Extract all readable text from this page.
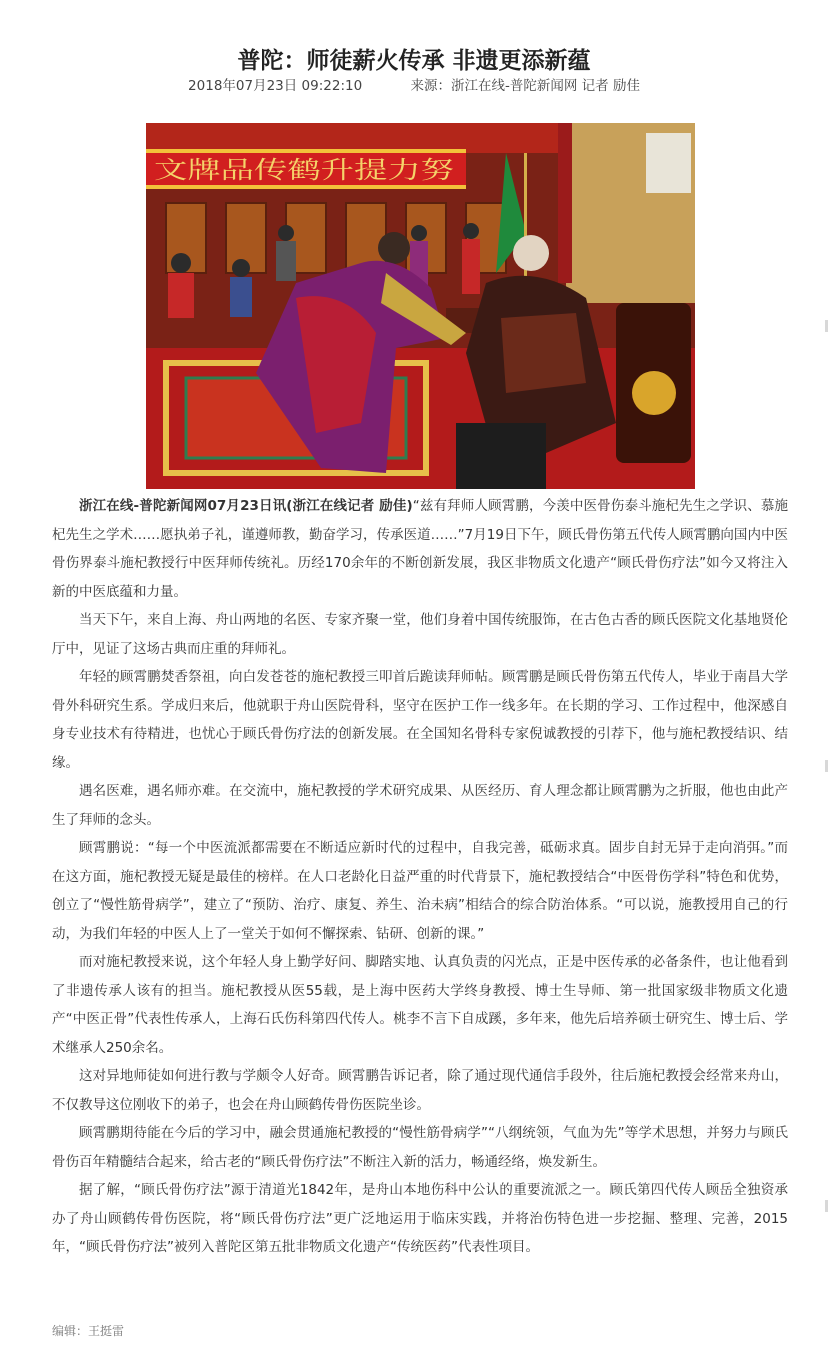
普陀：师徒薪火传承 非遗更添新蕴
2018年07月23日 09:22:10	来源：浙江在线-普陀新闻网 记者 励佳
文牌品传鹤升提力努

浙江在线-普陀新闻网07月23日讯(浙江在线记者 励佳)“兹有拜师人顾霄鹏，今羡中医骨伤泰斗施杞先生之学识、慕施杞先生之学术……愿执弟子礼，谨遵师教，勤奋学习，传承医道……”7月19日下午，顾氏骨伤第五代传人顾霄鹏向国内中医骨伤界泰斗施杞教授行中医拜师传统礼。历经170余年的不断创新发展，我区非物质文化遗产“顾氏骨伤疗法”如今又将注入新的中医底蕴和力量。

当天下午，来自上海、舟山两地的名医、专家齐聚一堂，他们身着中国传统服饰，在古色古香的顾氏医院文化基地贤伦厅中，见证了这场古典而庄重的拜师礼。

年轻的顾霄鹏焚香祭祖，向白发苍苍的施杞教授三叩首后跪读拜师帖。顾霄鹏是顾氏骨伤第五代传人，毕业于南昌大学骨外科研究生系。学成归来后，他就职于舟山医院骨科，坚守在医护工作一线多年。在长期的学习、工作过程中，他深感自身专业技术有待精进，也忧心于顾氏骨伤疗法的创新发展。在全国知名骨科专家倪诚教授的引荐下，他与施杞教授结识、结缘。

遇名医难，遇名师亦难。在交流中，施杞教授的学术研究成果、从医经历、育人理念都让顾霄鹏为之折服，他也由此产生了拜师的念头。

顾霄鹏说：“每一个中医流派都需要在不断适应新时代的过程中，自我完善，砥砺求真。固步自封无异于走向消弭。”而在这方面，施杞教授无疑是最佳的榜样。在人口老龄化日益严重的时代背景下，施杞教授结合“中医骨伤学科”特色和优势，创立了“慢性筋骨病学”，建立了“预防、治疗、康复、养生、治未病”相结合的综合防治体系。“可以说，施教授用自己的行动，为我们年轻的中医人上了一堂关于如何不懈探索、钻研、创新的课。”

而对施杞教授来说，这个年轻人身上勤学好问、脚踏实地、认真负责的闪光点，正是中医传承的必备条件，也让他看到了非遗传承人该有的担当。施杞教授从医55载，是上海中医药大学终身教授、博士生导师、第一批国家级非物质文化遗产“中医正骨”代表性传承人，上海石氏伤科第四代传人。桃李不言下自成蹊，多年来，他先后培养硕士研究生、博士后、学术继承人250余名。

这对异地师徒如何进行教与学颇令人好奇。顾霄鹏告诉记者，除了通过现代通信手段外，往后施杞教授会经常来舟山，不仅教导这位刚收下的弟子，也会在舟山顾鹤传骨伤医院坐诊。

顾霄鹏期待能在今后的学习中，融会贯通施杞教授的“慢性筋骨病学”“八纲统领，气血为先”等学术思想，并努力与顾氏骨伤百年精髓结合起来，给古老的“顾氏骨伤疗法”不断注入新的活力，畅通经络，焕发新生。

据了解，“顾氏骨伤疗法”源于清道光1842年，是舟山本地伤科中公认的重要流派之一。顾氏第四代传人顾岳全独资承办了舟山顾鹤传骨伤医院，将“顾氏骨伤疗法”更广泛地运用于临床实践，并将治伤特色进一步挖掘、整理、完善，2015年，“顾氏骨伤疗法”被列入普陀区第五批非物质文化遗产“传统医药”代表性项目。

编辑：王挺雷
